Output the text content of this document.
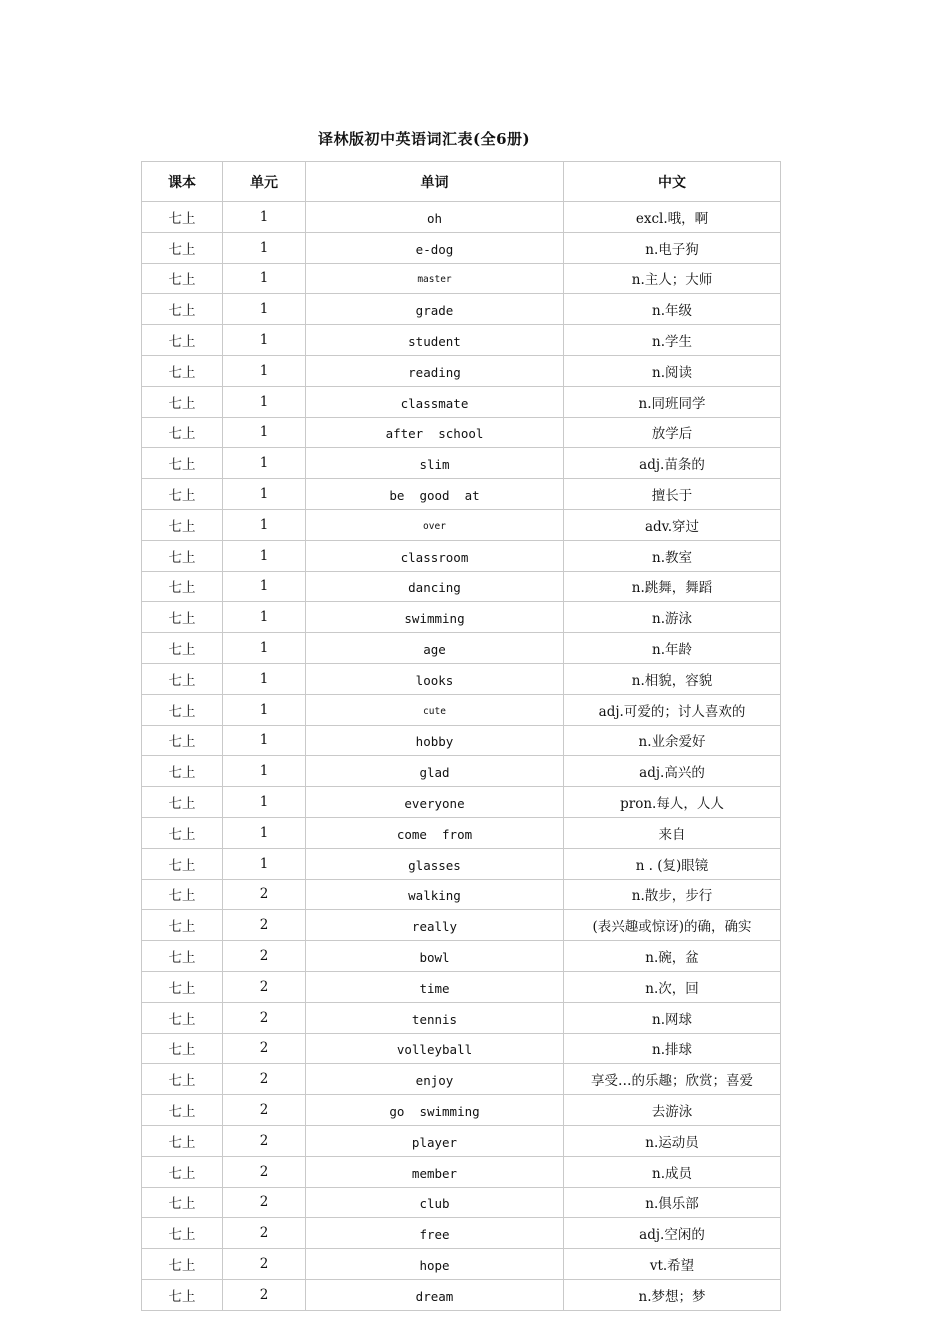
译林版初中英语词汇表(全6册)
课本	单元	单词	中文
七上	1	oh	excl.哦，啊
七上	1	e-dog	n.电子狗
七上	1	master	n.主人；大师
七上	1	grade	n.年级
七上	1	student	n.学生
七上	1	reading	n.阅读
七上	1	classmate	n.同班同学
七上	1	after  school	放学后
七上	1	slim	adj.苗条的
七上	1	be  good  at	擅长于
七上	1	over	adv.穿过
七上	1	classroom	n.教室
七上	1	dancing	n.跳舞，舞蹈
七上	1	swimming	n.游泳
七上	1	age	n.年龄
七上	1	looks	n.相貌，容貌
七上	1	cute	adj.可爱的；讨人喜欢的
七上	1	hobby	n.业余爱好
七上	1	glad	adj.高兴的
七上	1	everyone	pron.每人，人人
七上	1	come  from	来自
七上	1	glasses	n . (复)眼镜
七上	2	walking	n.散步，步行
七上	2	really	(表兴趣或惊讶)的确，确实
七上	2	bowl	n.碗，盆
七上	2	time	n.次，回
七上	2	tennis	n.网球
七上	2	volleyball	n.排球
七上	2	enjoy	享受…的乐趣；欣赏；喜爱
七上	2	go  swimming	去游泳
七上	2	player	n.运动员
七上	2	member	n.成员
七上	2	club	n.俱乐部
七上	2	free	adj.空闲的
七上	2	hope	vt.希望
七上	2	dream	n.梦想；梦
